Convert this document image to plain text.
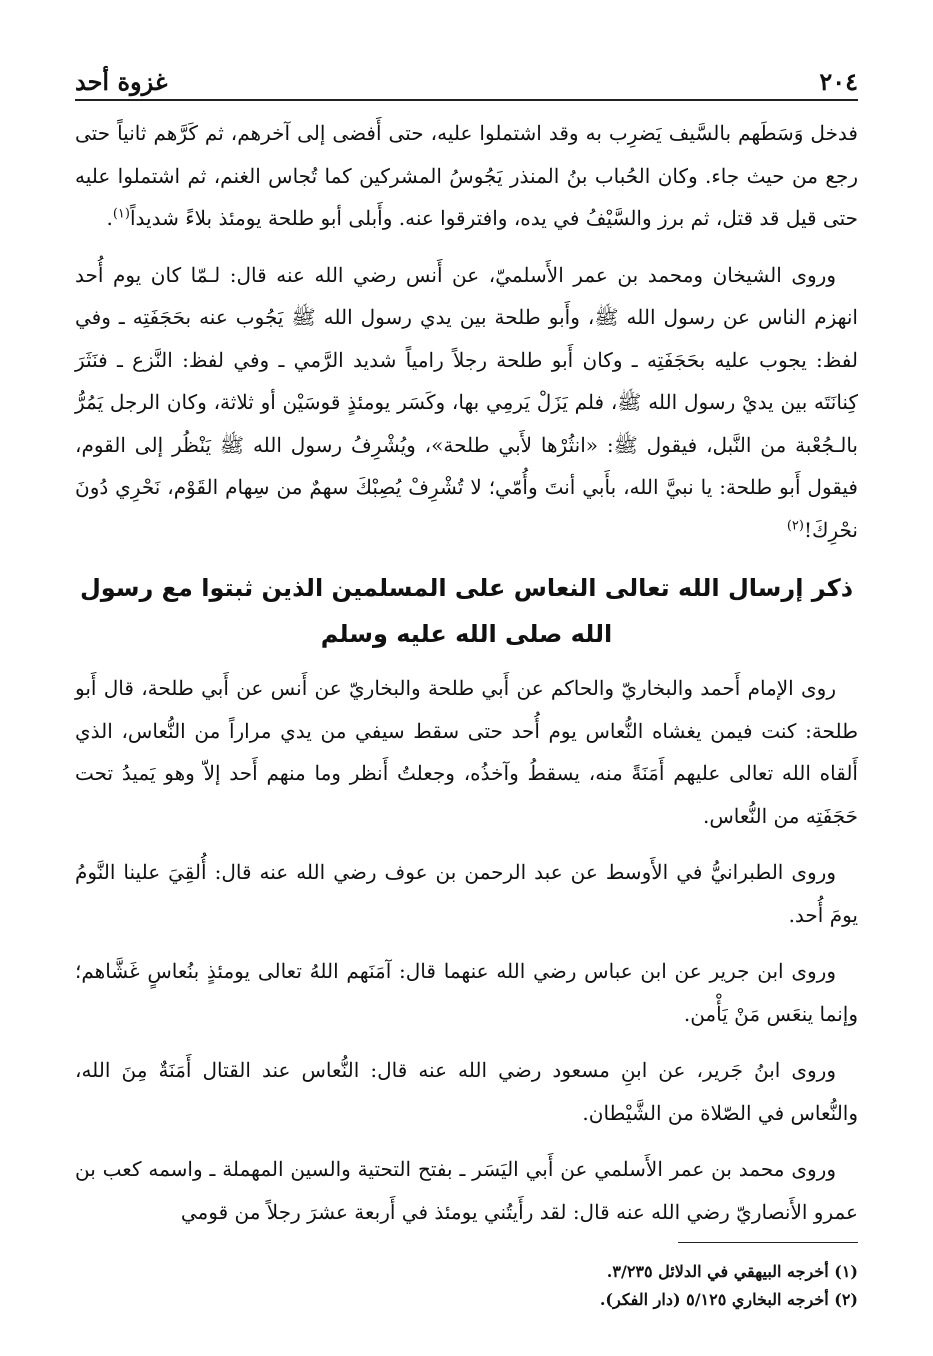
٢٠٤
غزوة أحد

فدخل وَسَطَهم بالسَّيف يَضرِب به وقد اشتملوا عليه، حتى أَفضى إلى آخرهم، ثم كَرَّهم ثانياً حتى رجع من حيث جاء. وكان الحُباب بنُ المنذر يَجُوسُ المشركين كما تُجاس الغنم، ثم اشتملوا عليه حتى قيل قد قتل، ثم برز والسَّيْفُ في يده، وافترقوا عنه. وأَبلى أبو طلحة يومئذ بلاءً شديداً$^{(١)}$.

وروى الشيخان ومحمد بن عمر الأَسلميّ، عن أَنس رضي الله عنه قال: لـمّا كان يوم أُحد انهزم الناس عن رسول الله ﷺ، وأَبو طلحة بين يدي رسول الله ﷺ يَجُوب عنه بحَجَفَتِه ـ وفي لفظ: يجوب عليه بحَجَفَتِه ـ وكان أَبو طلحة رجلاً رامياً شديد الرَّمي ـ وفي لفظ: النَّزع ـ فنَثَرَ كِنانَتَه بين يديْ رسول الله ﷺ، فلم يَزَلْ يَرمِي بها، وكَسَر يومئذٍ قوسَيْن أو ثلاثة، وكان الرجل يَمُرُّ بالـجُعْبة من النَّبل، فيقول ﷺ: «انثُرْها لأَبي طلحة»، ويُشْرِفُ رسول الله ﷺ يَنْظُر إلى القوم، فيقول أَبو طلحة: يا نبيَّ الله، بأَبي أنتَ وأُمّي؛ لا تُشْرِفْ يُصِبْكَ سهمٌ من سِهام القَوْم، نَحْرِي دُونَ نحْرِكَ!$^{(٢)}$

ذكر إرسال الله تعالى النعاس على المسلمين الذين ثبتوا مع رسول الله صلى الله عليه وسلم

روى الإمام أَحمد والبخاريّ والحاكم عن أَبي طلحة والبخاريّ عن أَنس عن أَبي طلحة، قال أَبو طلحة: كنت فيمن يغشاه النُّعاس يوم أُحد حتى سقط سيفي من يدي مراراً من النُّعاس، الذي أَلقاه الله تعالى عليهم أَمَنَةً منه، يسقطُ وآخذُه، وجعلتُ أَنظر وما منهم أَحد إلاّ وهو يَميدُ تحت حَجَفَتِه من النُّعاس.

وروى الطبرانيُّ في الأَوسط عن عبد الرحمن بن عوف رضي الله عنه قال: أُلقِيَ علينا النَّومُ يومَ أُحد.

وروى ابن جرير عن ابن عباس رضي الله عنهما قال: آمَنَهم اللهُ تعالى يومئذٍ بنُعاسٍ غَشَّاهم؛ وإنما ينعَس مَنْ يَأْمن.

وروى ابنُ جَرير، عن ابنِ مسعود رضي الله عنه قال: النُّعاس عند القتال أَمَنَةٌ مِنَ الله، والنُّعاس في الصّلاة من الشَّيْطان.

وروى محمد بن عمر الأَسلمي عن أَبي اليَسَر ـ بفتح التحتية والسين المهملة ـ واسمه كعب بن عمرو الأَنصاريّ رضي الله عنه قال: لقد رأَيتُني يومئذ في أَربعة عشرَ رجلاً من قومي

(١) أخرجه البيهقي في الدلائل ٣/٢٣٥.

(٢) أخرجه البخاري ٥/١٢٥ (دار الفكر).
